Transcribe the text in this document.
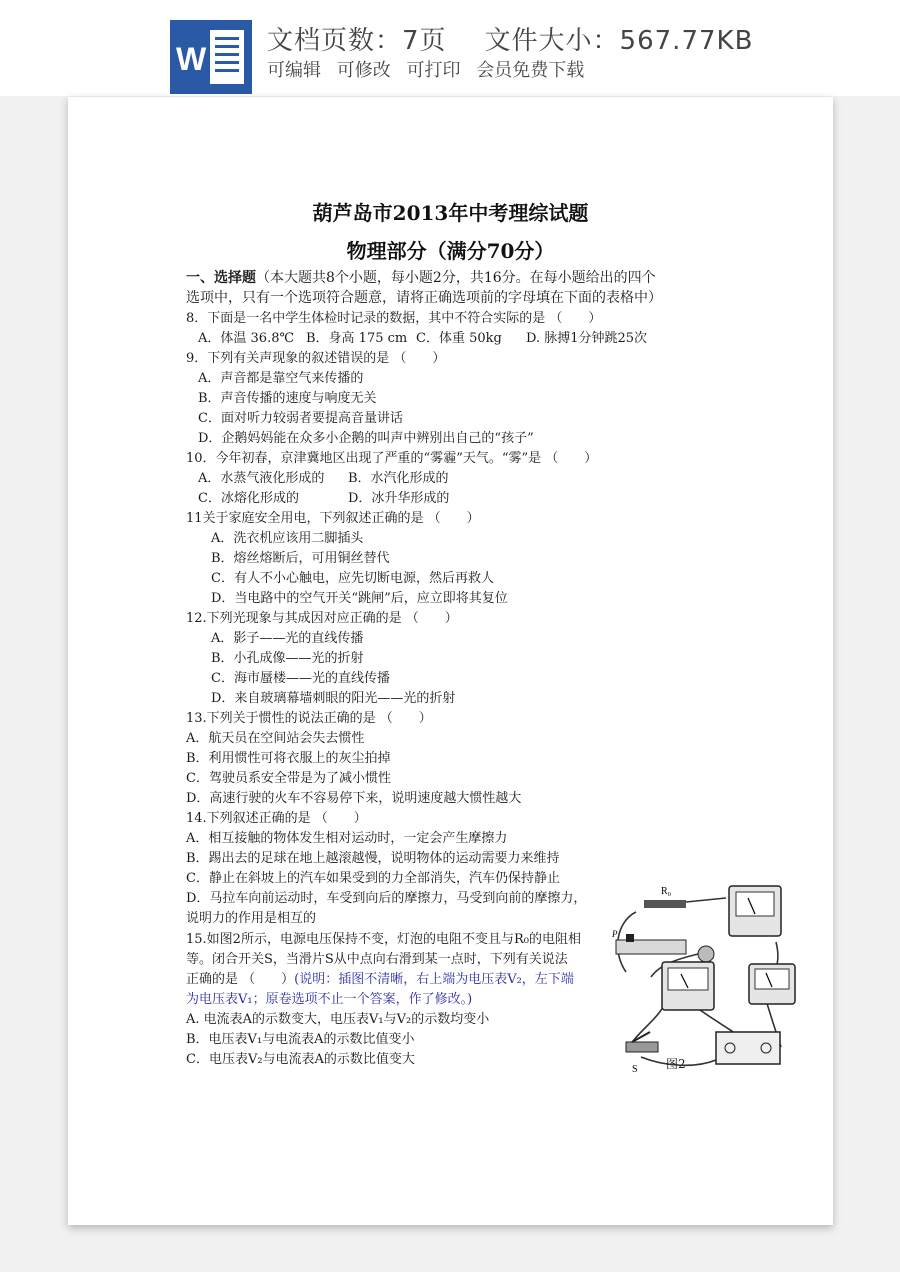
W 文档页数：7页 文件大小：567.77KB
可编辑 可修改 可打印 会员免费下载
葫芦岛市2013年中考理综试题
物理部分（满分70分）
一、选择题（本大题共8个小题，每小题2分，共16分。在每小题给出的四个
选项中，只有一个选项符合题意，请将正确选项前的字母填在下面的表格中）
8．下面是一名中学生体检时记录的数据，其中不符合实际的是 （　　）
A．体温 36.8℃ B．身高 175 cm C．体重 50kg D. 脉搏1分钟跳25次
9．下列有关声现象的叙述错误的是 （　　）
A．声音都是靠空气来传播的
B．声音传播的速度与响度无关
C．面对听力较弱者要提高音量讲话
D．企鹅妈妈能在众多小企鹅的叫声中辨别出自己的“孩子”
10．今年初春，京津冀地区出现了严重的“雾霾”天气。“雾”是 （　　）
A．水蒸气液化形成的 B．水汽化形成的
C．冰熔化形成的	D．冰升华形成的
11关于家庭安全用电，下列叙述正确的是 （　　）
A．洗衣机应该用二脚插头
B．熔丝熔断后，可用铜丝替代
C．有人不小心触电，应先切断电源，然后再救人
D．当电路中的空气开关“跳闸”后，应立即将其复位
12.下列光现象与其成因对应正确的是 （　　）
A．影子——光的直线传播
B．小孔成像——光的折射
C．海市蜃楼——光的直线传播
D．来自玻璃幕墙刺眼的阳光——光的折射
13.下列关于惯性的说法正确的是 （　　）
A．航天员在空间站会失去惯性
B．利用惯性可将衣服上的灰尘拍掉
C．驾驶员系安全带是为了减小惯性
D．高速行驶的火车不容易停下来，说明速度越大惯性越大
14.下列叙述正确的是 （　　）
A．相互接触的物体发生相对运动时，一定会产生摩擦力
B．踢出去的足球在地上越滚越慢，说明物体的运动需要力来维持
C．静止在斜坡上的汽车如果受到的力全部消失，汽车仍保持静止
D．马拉车向前运动时，车受到向后的摩擦力，马受到向前的摩擦力，
说明力的作用是相互的
15.如图2所示，电源电压保持不变，灯泡的电阻不变且与R₀的电阻相
等。闭合开关S，当滑片S从中点向右滑到某一点时，下列有关说法
正确的是 （　　）(说明：插图不清晰，右上端为电压表V₂，左下端
为电压表V₁；原卷选项不止一个答案，作了修改。)
A. 电流表A的示数变大，电压表V₁与V₂的示数均变小
B．电压表V₁与电流表A的示数比值变小
C．电压表V₂与电流表A的示数比值变大
R₀
P
S 图2
